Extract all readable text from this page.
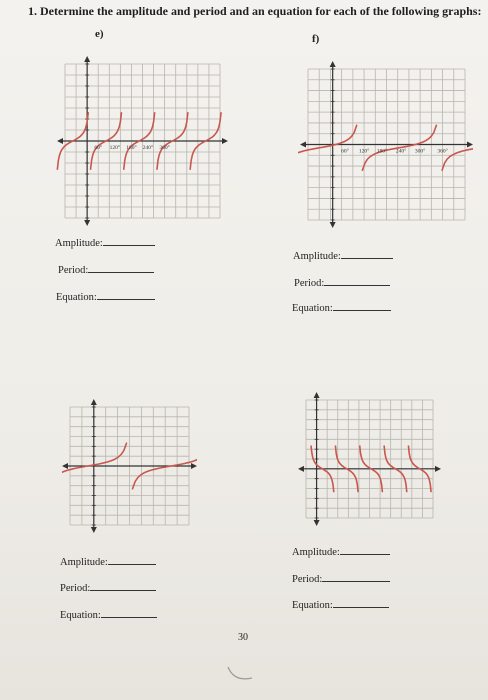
1. Determine the amplitude and period and an equation for each of the following graphs:
e)
60° 120° 180° 240° 300°
f)
60° 120° 180° 240° 300° 360°
Amplitude:
Period:
Equation:
Amplitude:
Period:
Equation:
Amplitude:
Period:
Equation:
Amplitude:
Period:
Equation:
30
